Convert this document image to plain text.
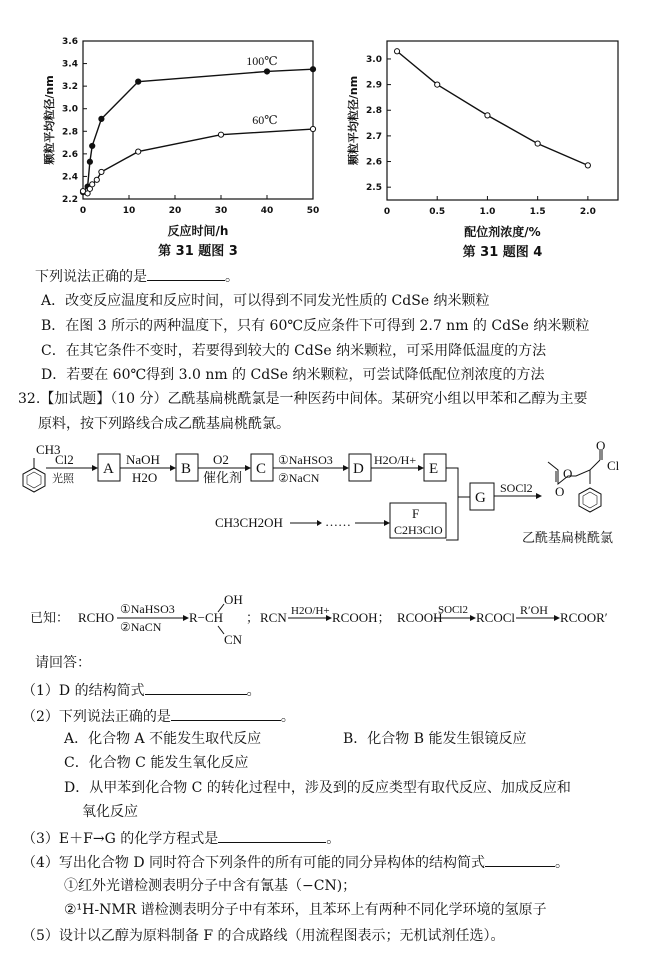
0	10	20	30	40	50
2.2
2.4
2.6
2.8
3.0
3.2
3.4
3.6
反应时间/h
颗粒平均粒径/nm
第 31 题图 3
100℃
60℃
0	0.5	1.0	1.5	2.0
2.5
2.6
2.7
2.8
2.9
3.0
配位剂浓度/%
颗粒平均粒径/nm
第 31 题图 4
下列说法正确的是	。
A．改变反应温度和反应时间，可以得到不同发光性质的 CdSe 纳米颗粒
B．在图 3 所示的两种温度下，只有 60℃反应条件下可得到 2.7 nm 的 CdSe 纳米颗粒
C．在其它条件不变时，若要得到较大的 CdSe 纳米颗粒，可采用降低温度的方法
D．若要在 60℃得到 3.0 nm 的 CdSe 纳米颗粒，可尝试降低配位剂浓度的方法
32.【加试题】（10 分）乙酰基扁桃酰氯是一种医药中间体。某研究小组以甲苯和乙醇为主要
原料，按下列路线合成乙酰基扁桃酰氯。
CH3
Cl2
光照
A
NaOH
H2O
B
O2
催化剂
C
①NaHSO3
②NaCN
D
H2O/H+
E
G
SOCl2
F
C2H3ClO
CH3CH2OH	……
O
O
O
Cl
乙酰基扁桃酰氯
已知： RCHO
①NaHSO3
②NaCN
R−CH
OH
CN
； RCN H2O/H+ RCOOH； RCOOH
SOCl2 RCOCl R′OH RCOOR′
请回答：
（1）D 的结构简式	。
（2）下列说法正确的是	。
A．化合物 A 不能发生取代反应	B．化合物 B 能发生银镜反应
C．化合物 C 能发生氧化反应
D．从甲苯到化合物 C 的转化过程中，涉及到的反应类型有取代反应、加成反应和
氧化反应
（3）E＋F→G 的化学方程式是	。
（4）写出化合物 D 同时符合下列条件的所有可能的同分异构体的结构简式	。
①红外光谱检测表明分子中含有氰基（−CN)；
②¹H-NMR 谱检测表明分子中有苯环，且苯环上有两种不同化学环境的氢原子
（5）设计以乙醇为原料制备 F 的合成路线（用流程图表示；无机试剂任选）。
